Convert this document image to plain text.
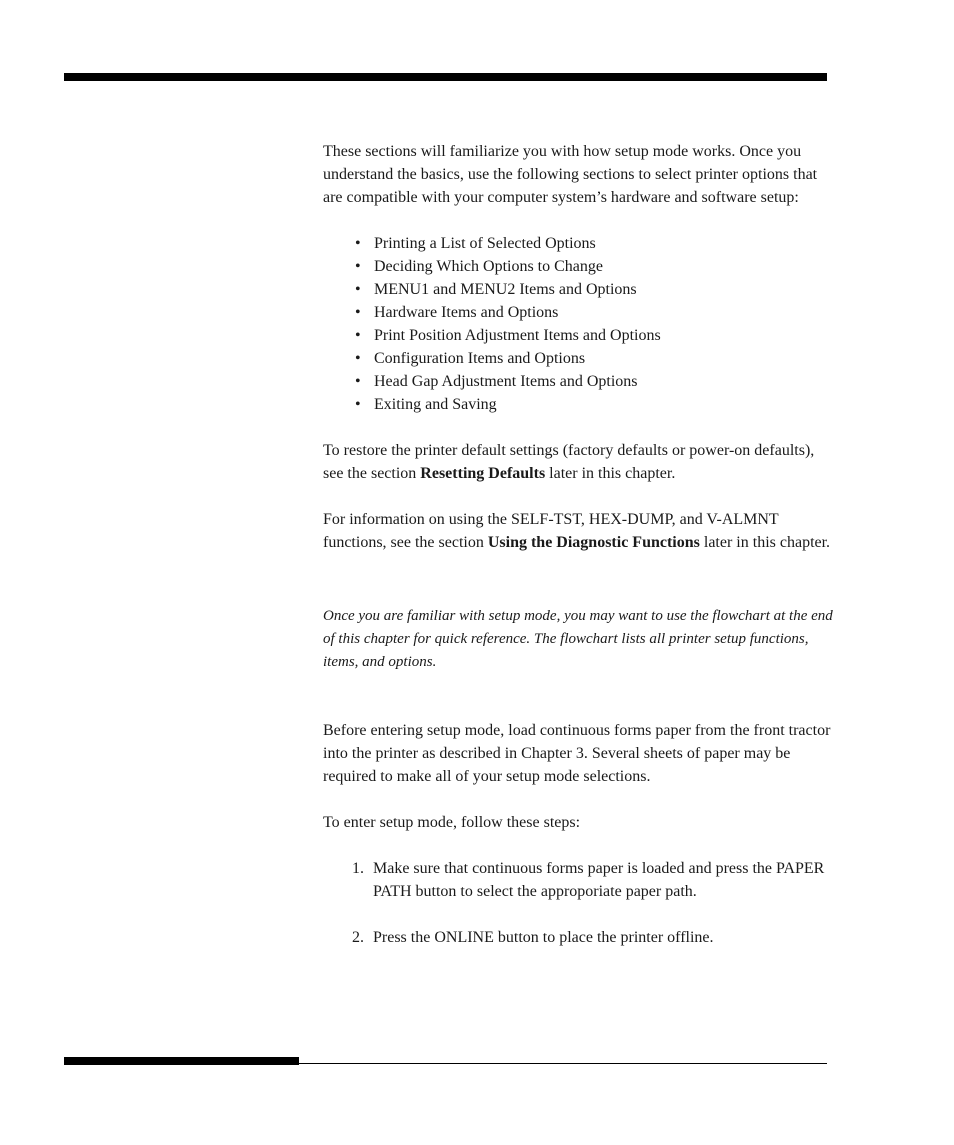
These sections will familiarize you with how setup mode works. Once you understand the basics, use the following sections to select printer options that are compatible with your computer system’s hardware and software setup:

• Printing a List of Selected Options
• Deciding Which Options to Change
• MENU1 and MENU2 Items and Options
• Hardware Items and Options
• Print Position Adjustment Items and Options
• Configuration Items and Options
• Head Gap Adjustment Items and Options
• Exiting and Saving

To restore the printer default settings (factory defaults or power-on defaults), see the section Resetting Defaults later in this chapter.

For information on using the SELF-TST, HEX-DUMP, and V-ALMNT functions, see the section Using the Diagnostic Functions later in this chapter.

Once you are familiar with setup mode, you may want to use the flowchart at the end of this chapter for quick reference. The flowchart lists all printer setup functions, items, and options.

Before entering setup mode, load continuous forms paper from the front tractor into the printer as described in Chapter 3. Several sheets of paper may be required to make all of your setup mode selections.

To enter setup mode, follow these steps:

1. Make sure that continuous forms paper is loaded and press the PAPER PATH button to select the approporiate paper path.
2. Press the ONLINE button to place the printer offline.
